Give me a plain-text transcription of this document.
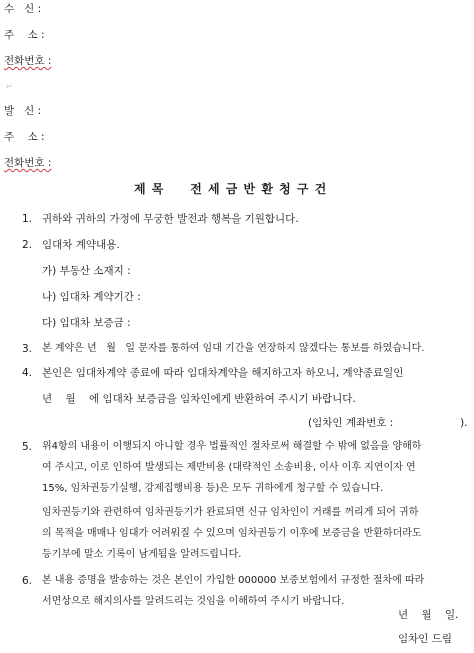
수   신 :
주    소 :
전화번호 :
↵
발   신 :
주    소 :
전화번호 :
제 목     전 세 금 반 환 청 구 건
1. 귀하와 귀하의 가정에 무궁한 발전과 행복을 기원합니다.
2. 임대차 계약내용.
가) 부동산 소재지 :
나) 임대차 계약기간 :
다) 임대차 보증금 :
3. 본 계약은 년   월   일 문자를 통하여 임대 기간을 연장하지 않겠다는 통보를 하였습니다.
4. 본인은 임대차계약 종료에 따라 임대차계약을 해지하고자 하오니, 계약종료일인
년    월    에 임대차 보증금을 임차인에게 반환하여 주시기 바랍니다.
(임차인 계좌번호 :                    ).
5. 위4항의 내용이 이행되지 아니할 경우 법률적인 절차로써 해결할 수 밖에 없음을 양해하
여 주시고, 이로 인하여 발생되는 제반비용 (대략적인 소송비용, 이사 이후 지연이자 연
15%, 임차권등기실행, 강제집행비용 등)은 모두 귀하에게 청구할 수 있습니다.
임차권등기와 관련하여 임차권등기가 완료되면 신규 임차인이 거래를 꺼리게 되어 귀하
의 목적을 매매나 임대가 어려워질 수 있으며 임차권등기 이후에 보증금을 반환하더라도
등기부에 말소 기록이 남게됨을 알려드립니다.
6. 본 내용 증명을 발송하는 것은 본인이 가입한 000000 보증보험에서 규정한 절차에 따라
서면상으로 해지의사를 알려드리는 것임을 이해하여 주시기 바랍니다.
년    월    일.
임차인 드림
